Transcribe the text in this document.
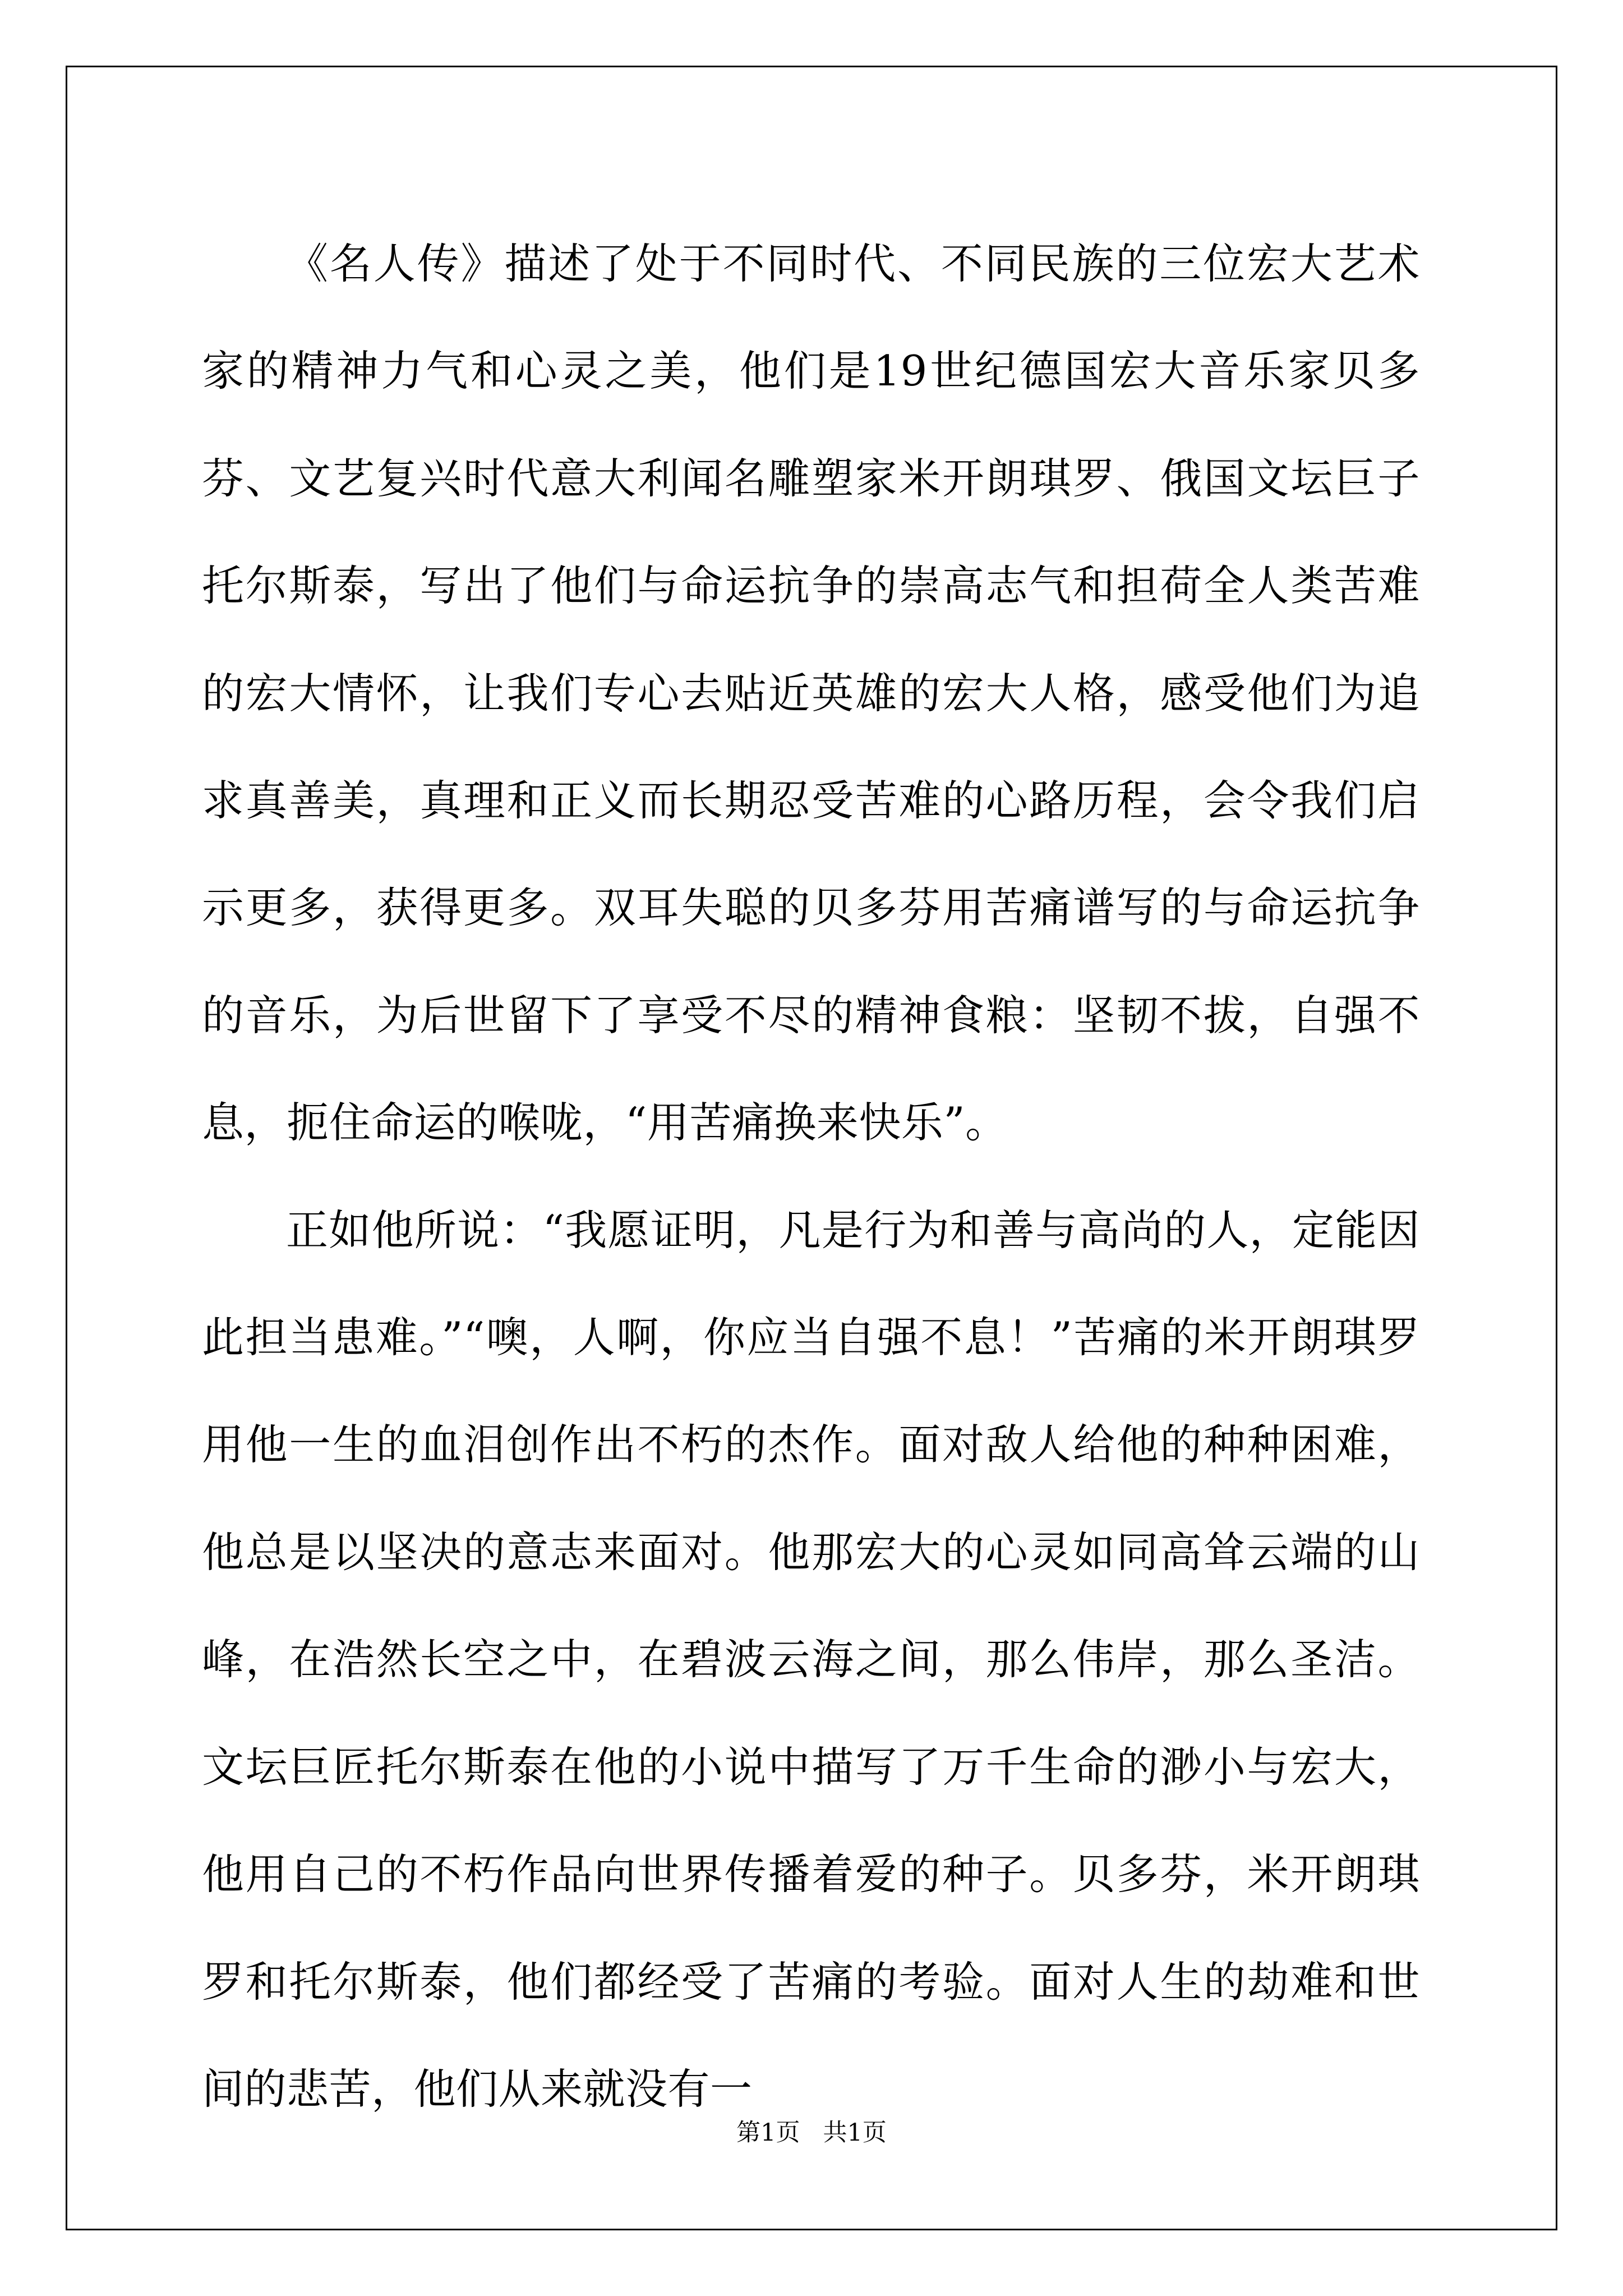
《名人传》描述了处于不同时代、不同民族的三位宏大艺术家的精神力气和心灵之美，他们是19世纪德国宏大音乐家贝多芬、文艺复兴时代意大利闻名雕塑家米开朗琪罗、俄国文坛巨子托尔斯泰，写出了他们与命运抗争的崇高志气和担荷全人类苦难的宏大情怀，让我们专心去贴近英雄的宏大人格，感受他们为追求真善美，真理和正义而长期忍受苦难的心路历程，会令我们启示更多，获得更多。双耳失聪的贝多芬用苦痛谱写的与命运抗争的音乐，为后世留下了享受不尽的精神食粮：坚韧不拔，自强不息，扼住命运的喉咙，“用苦痛换来快乐”。

正如他所说：“我愿证明，凡是行为和善与高尚的人，定能因此担当患难。”“噢，人啊，你应当自强不息！”苦痛的米开朗琪罗用他一生的血泪创作出不朽的杰作。面对敌人给他的种种困难，他总是以坚决的意志来面对。他那宏大的心灵如同高耸云端的山峰，在浩然长空之中，在碧波云海之间，那么伟岸，那么圣洁。文坛巨匠托尔斯泰在他的小说中描写了万千生命的渺小与宏大，他用自己的不朽作品向世界传播着爱的种子。贝多芬，米开朗琪罗和托尔斯泰，他们都经受了苦痛的考验。面对人生的劫难和世间的悲苦，他们从来就没有一

第1页   共1页
